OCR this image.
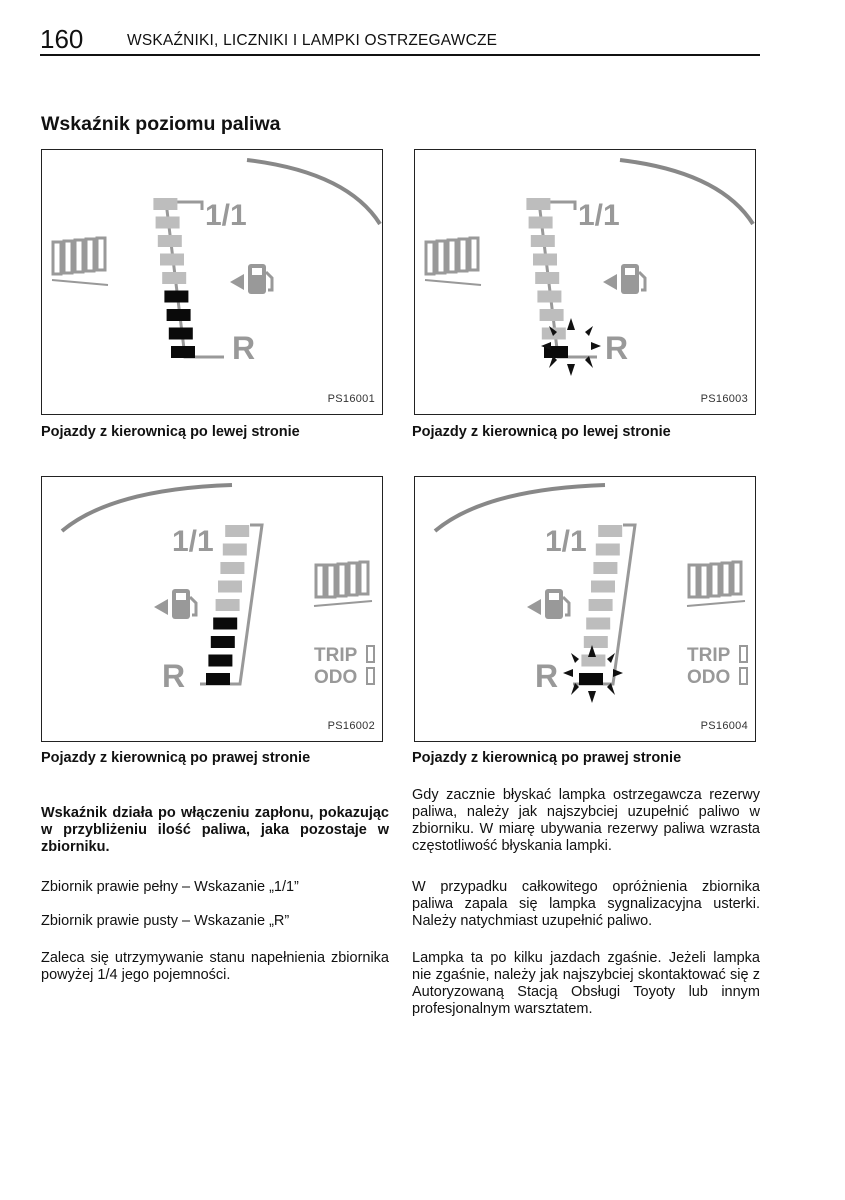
160	WSKAŹNIKI, LICZNIKI I LAMPKI OSTRZEGAWCZE
Wskaźnik poziomu paliwa
1/1
R
PS16001
Pojazdy z kierownicą po lewej stronie
1/1
R
PS16003
Pojazdy z kierownicą po lewej stronie
1/1
R
TRIP
ODO
PS16002
Pojazdy z kierownicą po prawej stronie
1/1
R
TRIP
ODO
PS16004
Pojazdy z kierownicą po prawej stronie
Wskaźnik działa po włączeniu zapłonu, pokazując w przybliżeniu ilość paliwa, jaka pozostaje w zbiorniku.
Zbiornik prawie pełny – Wskazanie „1/1”
Zbiornik prawie pusty – Wskazanie „R”
Zaleca się utrzymywanie stanu napełnienia zbiornika powyżej 1/4 jego pojemności.
Gdy zacznie błyskać lampka ostrzegawcza rezerwy paliwa, należy jak najszybciej uzupełnić paliwo w zbiorniku. W miarę ubywania rezerwy paliwa wzrasta częstotliwość błyskania lampki.
W przypadku całkowitego opróżnienia zbiornika paliwa zapala się lampka sygnalizacyjna usterki. Należy natychmiast uzupełnić paliwo.
Lampka ta po kilku jazdach zgaśnie. Jeżeli lampka nie zgaśnie, należy jak najszybciej skontaktować się z Autoryzowaną Stacją Obsługi Toyoty lub innym profesjonalnym warsztatem.
